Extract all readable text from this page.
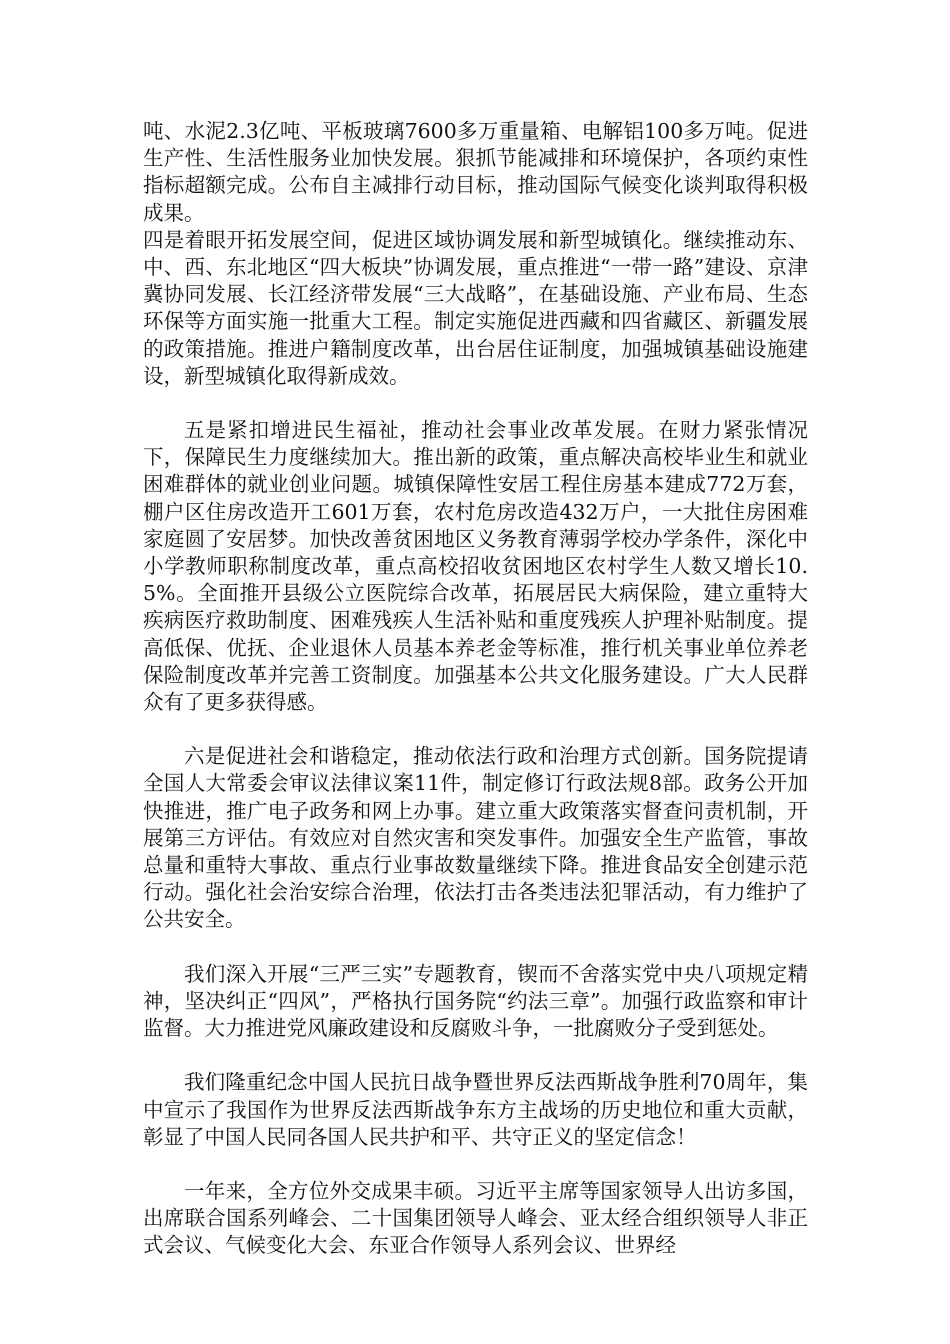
吨、水泥2.3亿吨、平板玻璃7600多万重量箱、电解铝100多万吨。促进生产性、生活性服务业加快发展。狠抓节能减排和环境保护，各项约束性指标超额完成。公布自主减排行动目标，推动国际气候变化谈判取得积极成果。

四是着眼开拓发展空间，促进区域协调发展和新型城镇化。继续推动东、中、西、东北地区“四大板块”协调发展，重点推进“一带一路”建设、京津冀协同发展、长江经济带发展“三大战略”，在基础设施、产业布局、生态环保等方面实施一批重大工程。制定实施促进西藏和四省藏区、新疆发展的政策措施。推进户籍制度改革，出台居住证制度，加强城镇基础设施建设，新型城镇化取得新成效。

五是紧扣增进民生福祉，推动社会事业改革发展。在财力紧张情况下，保障民生力度继续加大。推出新的政策，重点解决高校毕业生和就业困难群体的就业创业问题。城镇保障性安居工程住房基本建成772万套，棚户区住房改造开工601万套，农村危房改造432万户，一大批住房困难家庭圆了安居梦。加快改善贫困地区义务教育薄弱学校办学条件，深化中小学教师职称制度改革，重点高校招收贫困地区农村学生人数又增长10.5%。全面推开县级公立医院综合改革，拓展居民大病保险，建立重特大疾病医疗救助制度、困难残疾人生活补贴和重度残疾人护理补贴制度。提高低保、优抚、企业退休人员基本养老金等标准，推行机关事业单位养老保险制度改革并完善工资制度。加强基本公共文化服务建设。广大人民群众有了更多获得感。

六是促进社会和谐稳定，推动依法行政和治理方式创新。国务院提请全国人大常委会审议法律议案11件，制定修订行政法规8部。政务公开加快推进，推广电子政务和网上办事。建立重大政策落实督查问责机制，开展第三方评估。有效应对自然灾害和突发事件。加强安全生产监管，事故总量和重特大事故、重点行业事故数量继续下降。推进食品安全创建示范行动。强化社会治安综合治理，依法打击各类违法犯罪活动，有力维护了公共安全。

我们深入开展“三严三实”专题教育，锲而不舍落实党中央八项规定精神，坚决纠正“四风”，严格执行国务院“约法三章”。加强行政监察和审计监督。大力推进党风廉政建设和反腐败斗争，一批腐败分子受到惩处。

我们隆重纪念中国人民抗日战争暨世界反法西斯战争胜利70周年，集中宣示了我国作为世界反法西斯战争东方主战场的历史地位和重大贡献，彰显了中国人民同各国人民共护和平、共守正义的坚定信念！

一年来，全方位外交成果丰硕。习近平主席等国家领导人出访多国，出席联合国系列峰会、二十国集团领导人峰会、亚太经合组织领导人非正式会议、气候变化大会、东亚合作领导人系列会议、世界经
